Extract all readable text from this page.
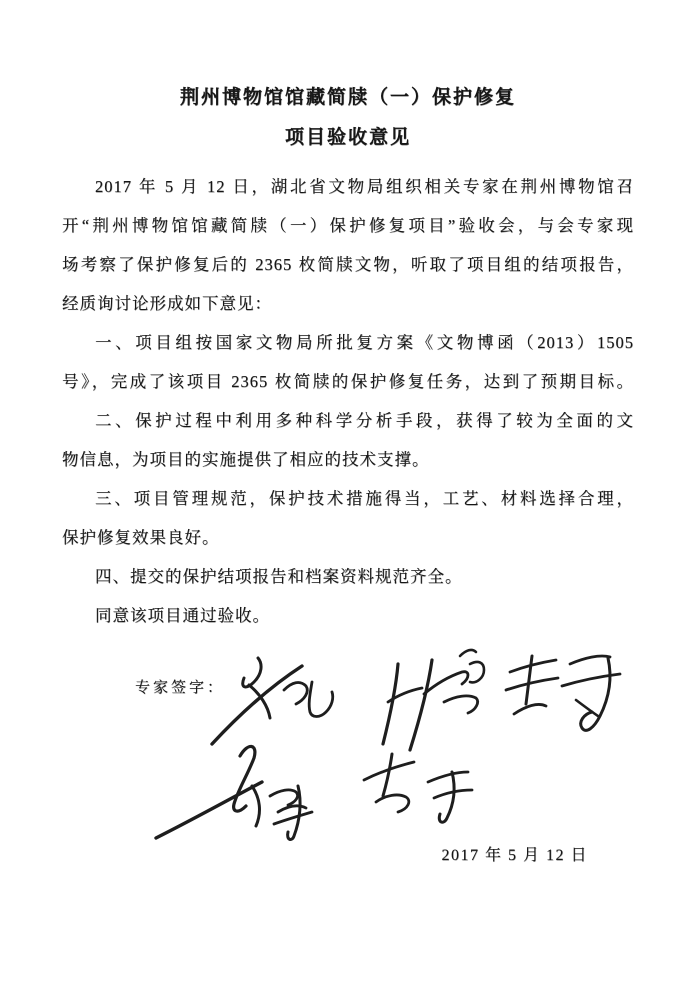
荆州博物馆馆藏简牍（一）保护修复
项目验收意见
2017 年 5 月 12 日，湖北省文物局组织相关专家在荆州博物馆召
开“荆州博物馆馆藏简牍（一）保护修复项目”验收会，与会专家现
场考察了保护修复后的 2365 枚简牍文物，听取了项目组的结项报告，
经质询讨论形成如下意见：
一、项目组按国家文物局所批复方案《文物博函（2013）1505
号》，完成了该项目 2365 枚简牍的保护修复任务，达到了预期目标。
二、保护过程中利用多种科学分析手段，获得了较为全面的文
物信息，为项目的实施提供了相应的技术支撑。
三、项目管理规范，保护技术措施得当，工艺、材料选择合理，
保护修复效果良好。
四、提交的保护结项报告和档案资料规范齐全。
同意该项目通过验收。
专家签字：
2017 年 5 月 12 日
